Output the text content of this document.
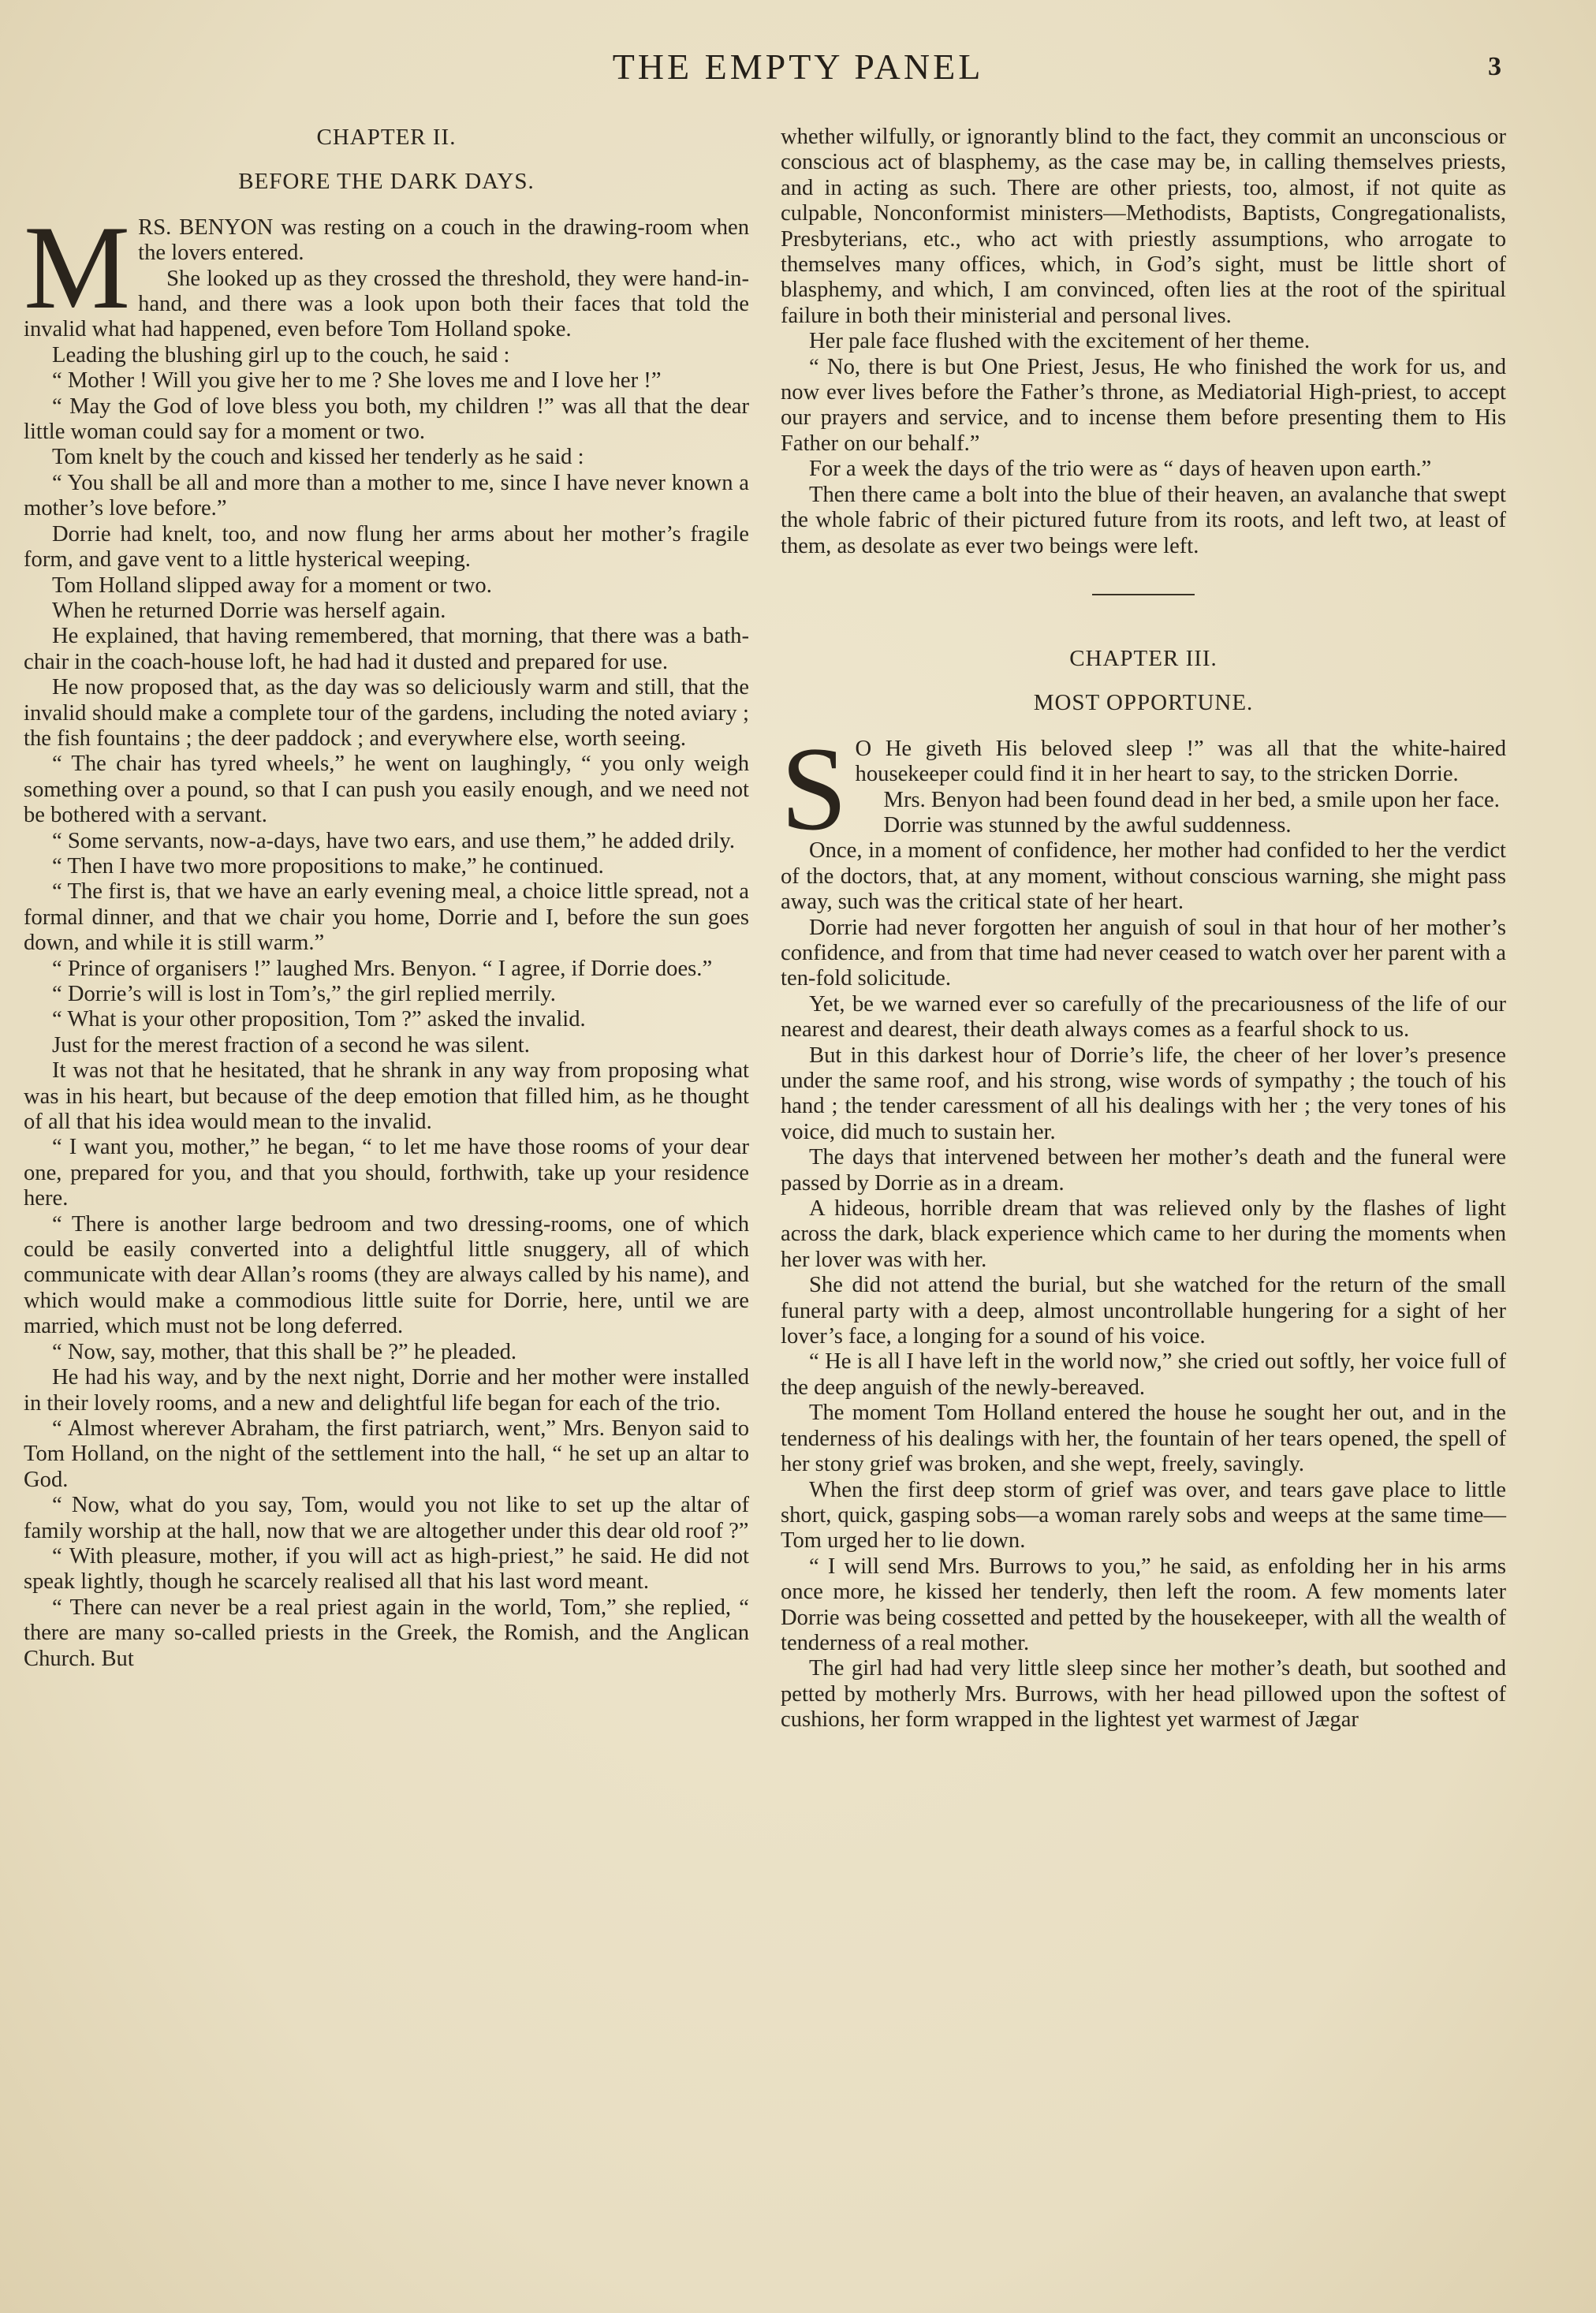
THE EMPTY PANEL	3
CHAPTER II.
BEFORE THE DARK DAYS.

MRS. BENYON was resting on a couch in the drawing-room when the lovers entered.

She looked up as they crossed the threshold, they were hand-in-hand, and there was a look upon both their faces that told the invalid what had happened, even before Tom Holland spoke.

Leading the blushing girl up to the couch, he said :

“ Mother ! Will you give her to me ? She loves me and I love her !”

“ May the God of love bless you both, my children !” was all that the dear little woman could say for a moment or two.

Tom knelt by the couch and kissed her tenderly as he said :

“ You shall be all and more than a mother to me, since I have never known a mother’s love before.”

Dorrie had knelt, too, and now flung her arms about her mother’s fragile form, and gave vent to a little hysterical weeping.

Tom Holland slipped away for a moment or two.

When he returned Dorrie was herself again.

He explained, that having remembered, that morning, that there was a bath-chair in the coach-house loft, he had had it dusted and prepared for use.

He now proposed that, as the day was so deliciously warm and still, that the invalid should make a complete tour of the gardens, including the noted aviary ; the fish fountains ; the deer paddock ; and everywhere else, worth seeing.

“ The chair has tyred wheels,” he went on laughingly, “ you only weigh something over a pound, so that I can push you easily enough, and we need not be bothered with a servant.

“ Some servants, now-a-days, have two ears, and use them,” he added drily.

“ Then I have two more propositions to make,” he continued.

“ The first is, that we have an early evening meal, a choice little spread, not a formal dinner, and that we chair you home, Dorrie and I, before the sun goes down, and while it is still warm.”

“ Prince of organisers !” laughed Mrs. Benyon. “ I agree, if Dorrie does.”

“ Dorrie’s will is lost in Tom’s,” the girl replied merrily.

“ What is your other proposition, Tom ?” asked the invalid.

Just for the merest fraction of a second he was silent.

It was not that he hesitated, that he shrank in any way from proposing what was in his heart, but because of the deep emotion that filled him, as he thought of all that his idea would mean to the invalid.

“ I want you, mother,” he began, “ to let me have those rooms of your dear one, prepared for you, and that you should, forthwith, take up your residence here.

“ There is another large bedroom and two dressing-rooms, one of which could be easily converted into a delightful little snuggery, all of which communicate with dear Allan’s rooms (they are always called by his name), and which would make a commodious little suite for Dorrie, here, until we are married, which must not be long deferred.

“ Now, say, mother, that this shall be ?” he pleaded.

He had his way, and by the next night, Dorrie and her mother were installed in their lovely rooms, and a new and delightful life began for each of the trio.

“ Almost wherever Abraham, the first patriarch, went,” Mrs. Benyon said to Tom Holland, on the night of the settlement into the hall, “ he set up an altar to God.

“ Now, what do you say, Tom, would you not like to set up the altar of family worship at the hall, now that we are altogether under this dear old roof ?”

“ With pleasure, mother, if you will act as high-priest,” he said. He did not speak lightly, though he scarcely realised all that his last word meant.

“ There can never be a real priest again in the world, Tom,” she replied, “ there are many so-called priests in the Greek, the Romish, and the Anglican Church. But

whether wilfully, or ignorantly blind to the fact, they commit an unconscious or conscious act of blasphemy, as the case may be, in calling themselves priests, and in acting as such. There are other priests, too, almost, if not quite as culpable, Nonconformist ministers—Methodists, Baptists, Congregationalists, Presbyterians, etc., who act with priestly assumptions, who arrogate to themselves many offices, which, in God’s sight, must be little short of blasphemy, and which, I am convinced, often lies at the root of the spiritual failure in both their ministerial and personal lives.

Her pale face flushed with the excitement of her theme.

“ No, there is but One Priest, Jesus, He who finished the work for us, and now ever lives before the Father’s throne, as Mediatorial High-priest, to accept our prayers and service, and to incense them before presenting them to His Father on our behalf.”

For a week the days of the trio were as “ days of heaven upon earth.”

Then there came a bolt into the blue of their heaven, an avalanche that swept the whole fabric of their pictured future from its roots, and left two, at least of them, as desolate as ever two beings were left.

CHAPTER III.
MOST OPPORTUNE.

S O He giveth His beloved sleep !” was all that the white-haired housekeeper could find it in her heart to say, to the stricken Dorrie.

Mrs. Benyon had been found dead in her bed, a smile upon her face.

Dorrie was stunned by the awful suddenness.

Once, in a moment of confidence, her mother had confided to her the verdict of the doctors, that, at any moment, without conscious warning, she might pass away, such was the critical state of her heart.

Dorrie had never forgotten her anguish of soul in that hour of her mother’s confidence, and from that time had never ceased to watch over her parent with a ten-fold solicitude.

Yet, be we warned ever so carefully of the precariousness of the life of our nearest and dearest, their death always comes as a fearful shock to us.

But in this darkest hour of Dorrie’s life, the cheer of her lover’s presence under the same roof, and his strong, wise words of sympathy ; the touch of his hand ; the tender caressment of all his dealings with her ; the very tones of his voice, did much to sustain her.

The days that intervened between her mother’s death and the funeral were passed by Dorrie as in a dream.

A hideous, horrible dream that was relieved only by the flashes of light across the dark, black experience which came to her during the moments when her lover was with her.

She did not attend the burial, but she watched for the return of the small funeral party with a deep, almost uncontrollable hungering for a sight of her lover’s face, a longing for a sound of his voice.

“ He is all I have left in the world now,” she cried out softly, her voice full of the deep anguish of the newly-bereaved.

The moment Tom Holland entered the house he sought her out, and in the tenderness of his dealings with her, the fountain of her tears opened, the spell of her stony grief was broken, and she wept, freely, savingly.

When the first deep storm of grief was over, and tears gave place to little short, quick, gasping sobs—a woman rarely sobs and weeps at the same time—Tom urged her to lie down.

“ I will send Mrs. Burrows to you,” he said, as enfolding her in his arms once more, he kissed her tenderly, then left the room. A few moments later Dorrie was being cossetted and petted by the housekeeper, with all the wealth of tenderness of a real mother.

The girl had had very little sleep since her mother’s death, but soothed and petted by motherly Mrs. Burrows, with her head pillowed upon the softest of cushions, her form wrapped in the lightest yet warmest of Jægar
